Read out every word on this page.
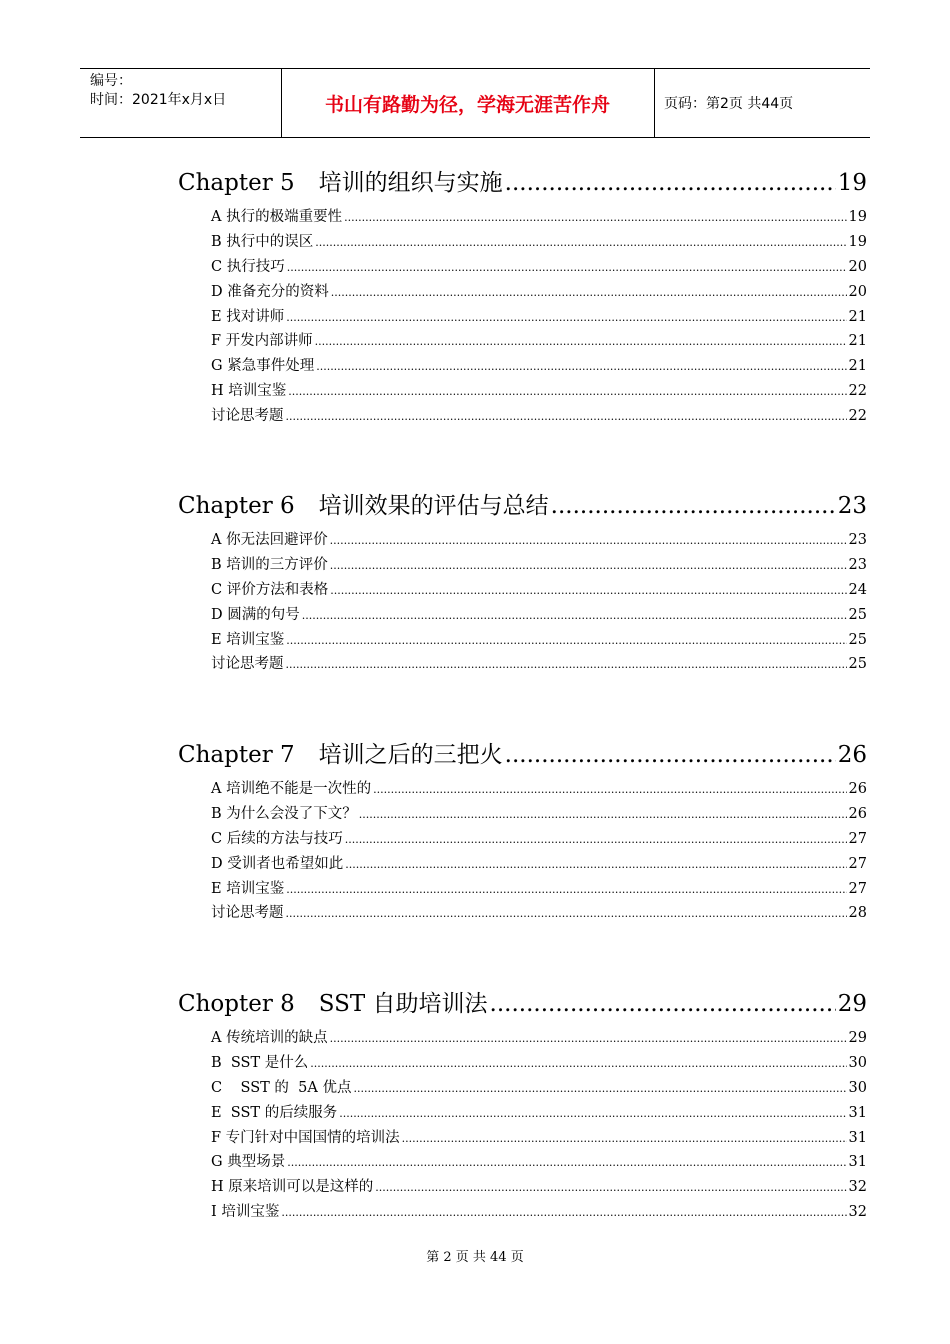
编号：
时间：2021年x月x日	书山有路勤为径，学海无涯苦作舟	页码：第2页 共44页
Chapter 5 培训的组织与实施 .....	19
A 执行的极端重要性 .....	19
B 执行中的误区 .....	19
C 执行技巧 .....	20
D 准备充分的资料 .....	20
E 找对讲师 .....	21
F 开发内部讲师 .....	21
G 紧急事件处理 .....	21
H 培训宝鉴 .....	22
讨论思考题 .....	22
Chapter 6 培训效果的评估与总结 .....	23
A 你无法回避评价 .....	23
B 培训的三方评价 .....	23
C 评价方法和表格 .....	24
D 圆满的句号 .....	25
E 培训宝鉴 .....	25
讨论思考题 .....	25
Chapter 7 培训之后的三把火 .....	26
A 培训绝不能是一次性的 .....	26
B 为什么会没了下文？ .....	26
C 后续的方法与技巧 .....	27
D 受训者也希望如此 .....	27
E 培训宝鉴 .....	27
讨论思考题 .....	28
Chopter 8 SST 自助培训法 .....	29
A 传统培训的缺点 .....	29
B  SST 是什么 .....	30
C    SST 的  5A 优点 .....	30
E  SST 的后续服务 .....	31
F 专门针对中国国情的培训法 .....	31
G 典型场景 .....	31
H 原来培训可以是这样的 .....	32
I 培训宝鉴 .....	32
第 2 页 共 44 页
